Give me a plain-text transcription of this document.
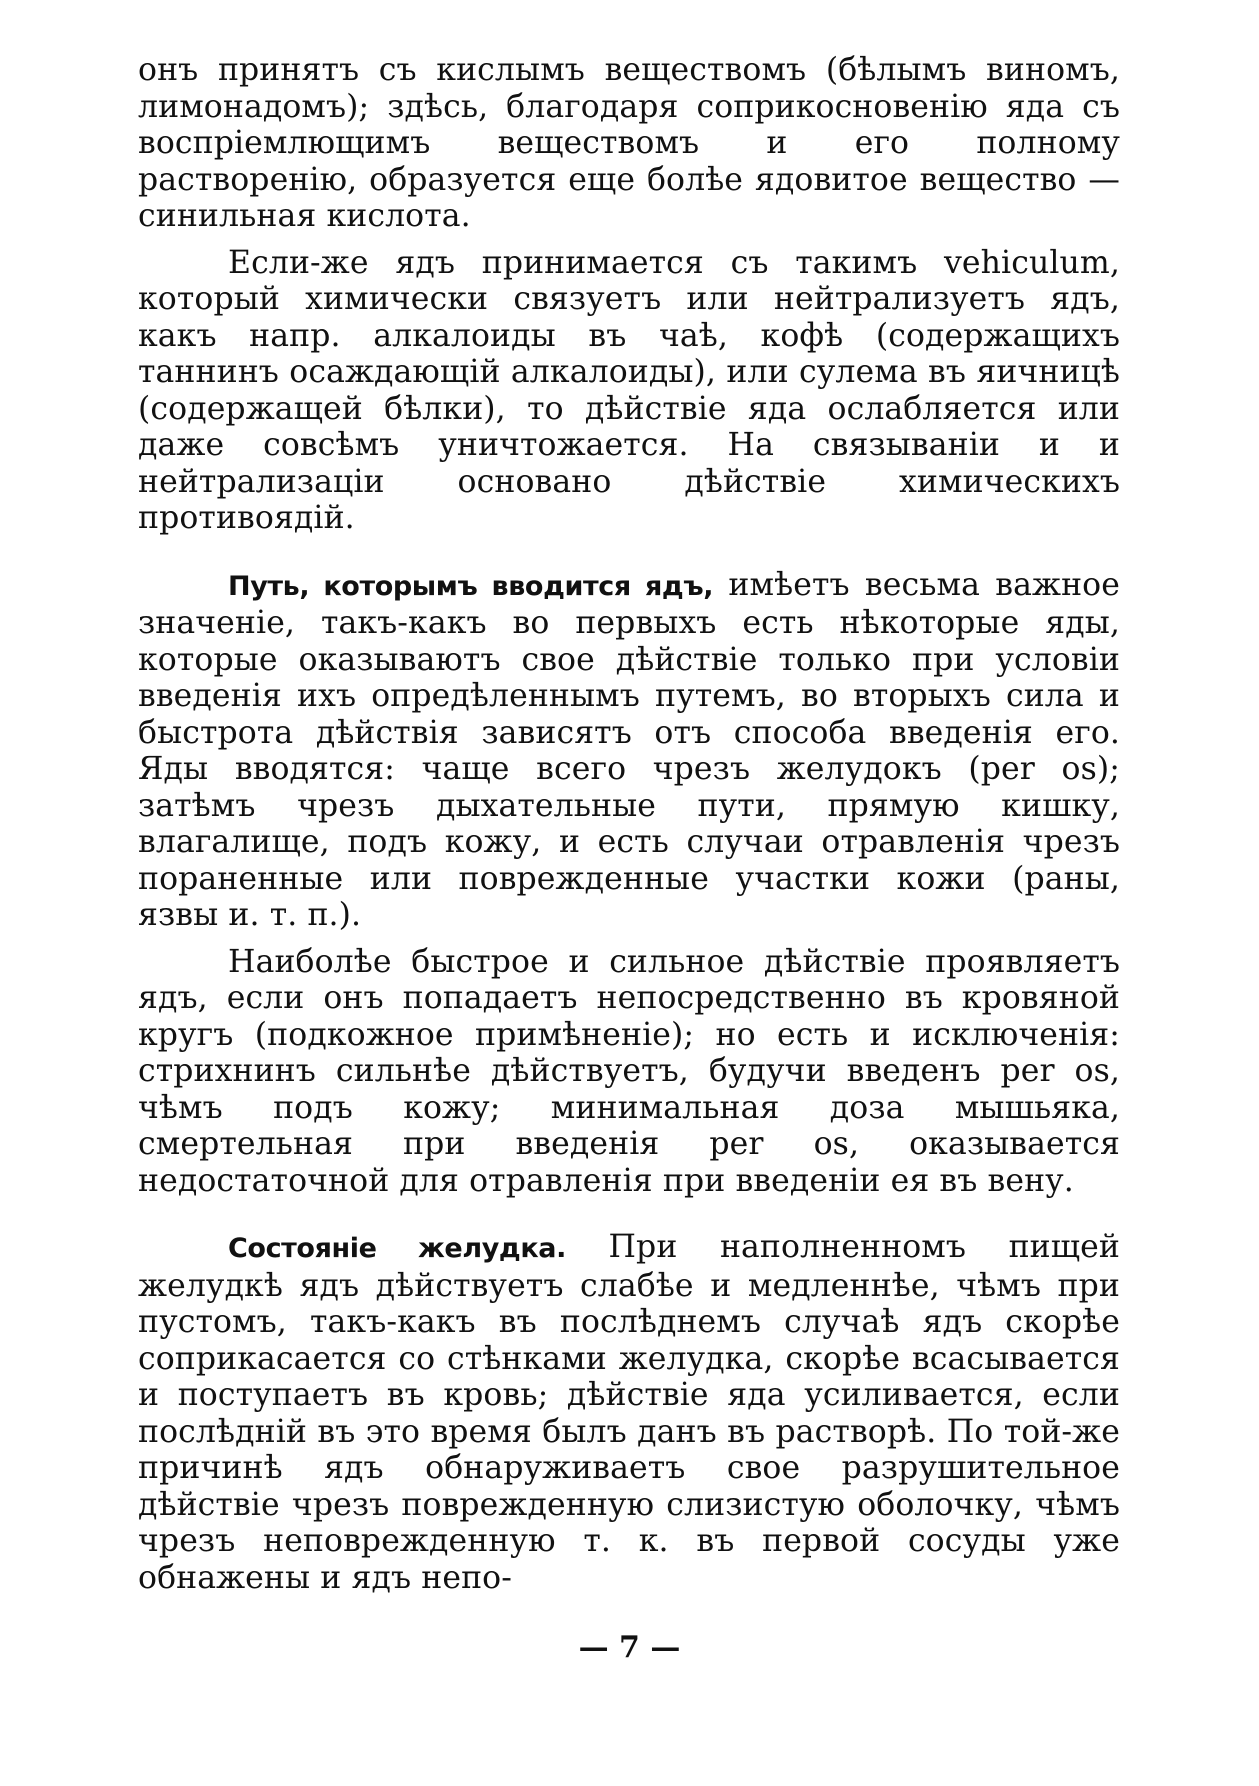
онъ принятъ съ кислымъ веществомъ (бѣлымъ виномъ, лимонадомъ); здѣсь, благодаря соприкосновенію яда съ воспріемлющимъ веществомъ и его полному раствоpенію, образуется еще болѣе ядовитое вещество — синильная кислота.

Если-же ядъ принимается съ такимъ vehiculum, который химически связуетъ или нейтрализуетъ ядъ, какъ напр. алкалоиды въ чаѣ, кофѣ (содержащихъ таннинъ осаждающій алкалоиды), или сулема въ яичницѣ (содержащей бѣлки), то дѣйствіе яда ослабляется или даже совсѣмъ уничтожается. На связываніи и и нейтрализаціи основано дѣйствіе химическихъ противоядій.

Путь, которымъ вводится ядъ, имѣетъ весьма важное значеніе, такъ-какъ во первыхъ есть нѣкоторые яды, которые оказываютъ свое дѣйствіе только при условіи введенія ихъ опредѣленнымъ путемъ, во вторыхъ сила и быстрота дѣйствія зависятъ отъ способа введенія его. Яды вводятся: чаще всего чрезъ желудокъ (per os); затѣмъ чрезъ дыхательные пути, прямую кишку, влагалище, подъ кожу, и есть случаи отравленія чрезъ пораненные или поврежденные участки кожи (раны, язвы и. т. п.).

Наиболѣе быстрое и сильное дѣйствіе проявляетъ ядъ, если онъ попадаетъ непосредственно въ кровяной кругъ (подкожное примѣненіе); но есть и исключенія: стрихнинъ сильнѣе дѣйствуетъ, будучи введенъ per os, чѣмъ подъ кожу; минимальная доза мышьяка, смертельная при введенія per os, оказывается недостаточной для отравленія при введеніи ея въ вену.

Состояніе желудка. При наполненномъ пищей желудкѣ ядъ дѣйствуетъ слабѣе и медленнѣе, чѣмъ при пустомъ, такъ-какъ въ послѣднемъ случаѣ ядъ скорѣе соприкасается со стѣнками желудка, скорѣе всасывается и поступаетъ въ кровь; дѣйствіе яда усиливается, если послѣдній въ это время былъ данъ въ растворѣ. По той-же причинѣ ядъ обнаруживаетъ свое разрушительное дѣйствіе чрезъ поврежденную слизистую оболочку, чѣмъ чрезъ неповрежденную т. к. въ первой сосуды уже обнажены и ядъ непо-

— 7 —
